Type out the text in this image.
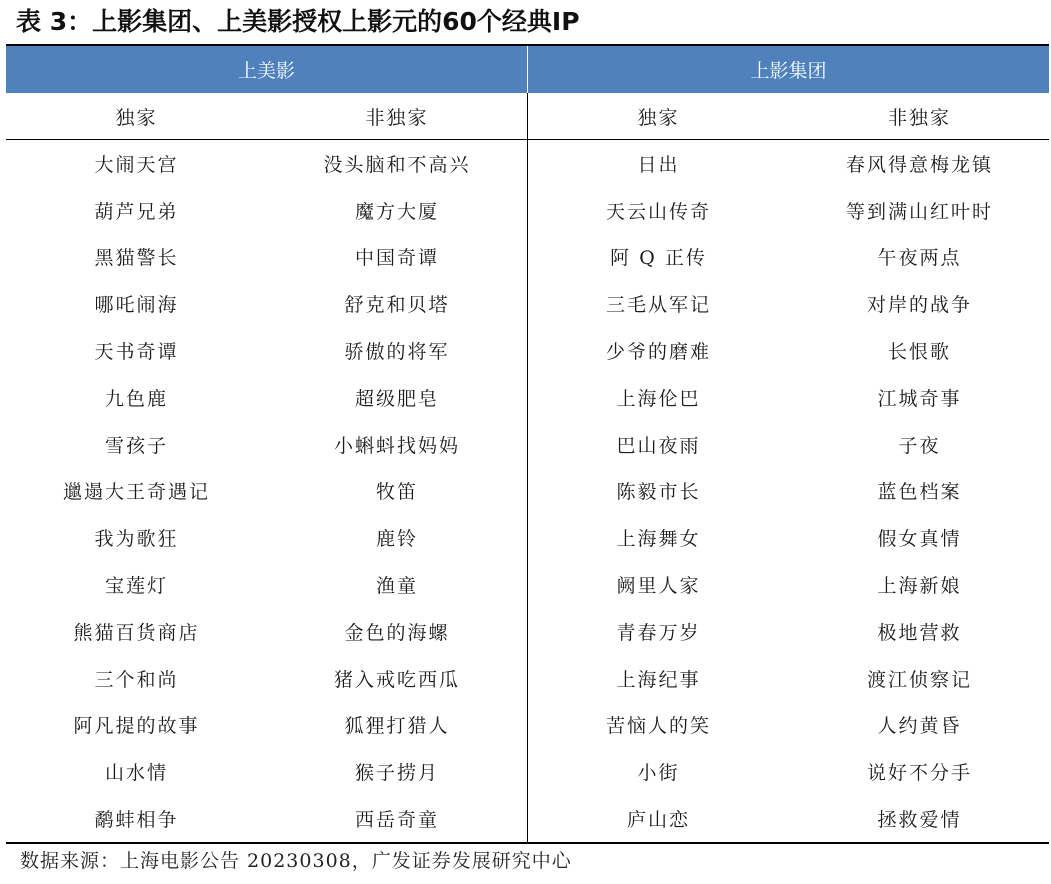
表 3：上影集团、上美影授权上影元的60个经典IP
上美影	上影集团
独家	非独家	独家	非独家
大闹天宫	没头脑和不高兴	日出	春风得意梅龙镇
葫芦兄弟	魔方大厦	天云山传奇	等到满山红叶时
黑猫警长	中国奇谭	阿 Q 正传	午夜两点
哪吒闹海	舒克和贝塔	三毛从军记	对岸的战争
天书奇谭	骄傲的将军	少爷的磨难	长恨歌
九色鹿	超级肥皂	上海伦巴	江城奇事
雪孩子	小蝌蚪找妈妈	巴山夜雨	子夜
邋遢大王奇遇记	牧笛	陈毅市长	蓝色档案
我为歌狂	鹿铃	上海舞女	假女真情
宝莲灯	渔童	阙里人家	上海新娘
熊猫百货商店	金色的海螺	青春万岁	极地营救
三个和尚	猪入戒吃西瓜	上海纪事	渡江侦察记
阿凡提的故事	狐狸打猎人	苦恼人的笑	人约黄昏
山水情	猴子捞月	小街	说好不分手
鹬蚌相争	西岳奇童	庐山恋	拯救爱情
数据来源：上海电影公告 20230308，广发证券发展研究中心
